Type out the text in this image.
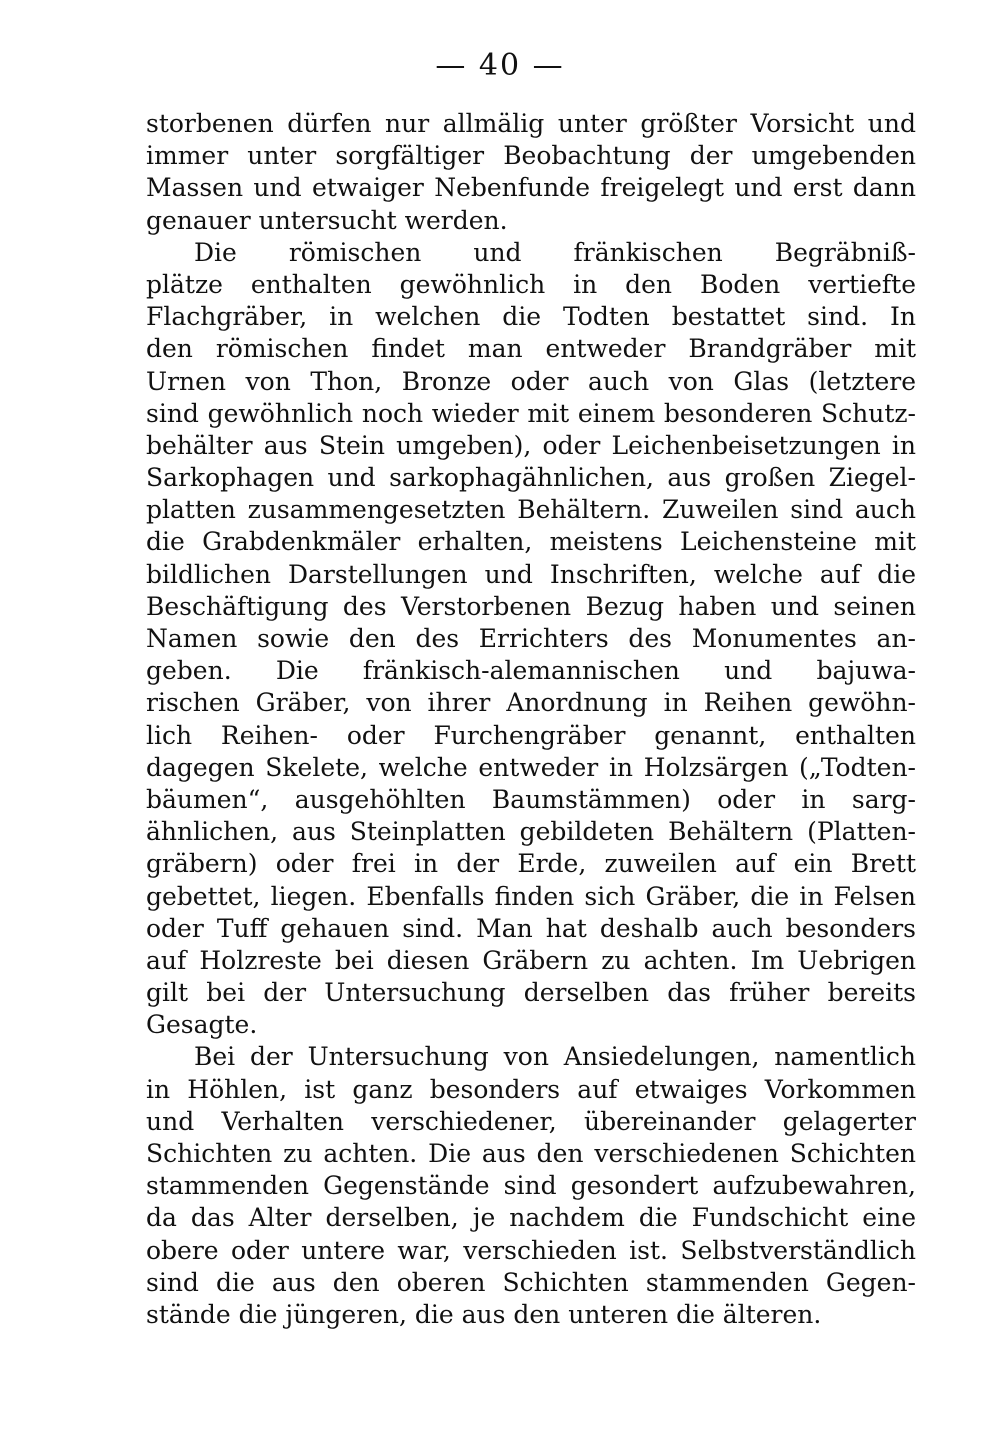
— 40 —
storbenen dürfen nur allmälig unter größter Vorsicht und
immer unter sorgfältiger Beobachtung der umgebenden
Massen und etwaiger Nebenfunde freigelegt und erst dann
genauer untersucht werden.
Die römischen und fränkischen Begräbniß-
plätze enthalten gewöhnlich in den Boden vertiefte
Flachgräber, in welchen die Todten bestattet sind. In
den römischen findet man entweder Brandgräber mit
Urnen von Thon, Bronze oder auch von Glas (letztere
sind gewöhnlich noch wieder mit einem besonderen Schutz-
behälter aus Stein umgeben), oder Leichenbeisetzungen in
Sarkophagen und sarkophagähnlichen, aus großen Ziegel-
platten zusammengesetzten Behältern. Zuweilen sind auch
die Grabdenkmäler erhalten, meistens Leichensteine mit
bildlichen Darstellungen und Inschriften, welche auf die
Beschäftigung des Verstorbenen Bezug haben und seinen
Namen sowie den des Errichters des Monumentes an-
geben. Die fränkisch-alemannischen und bajuwa-
rischen Gräber, von ihrer Anordnung in Reihen gewöhn-
lich Reihen- oder Furchengräber genannt, enthalten
dagegen Skelete, welche entweder in Holzsärgen („Todten-
bäumen“, ausgehöhlten Baumstämmen) oder in sarg-
ähnlichen, aus Steinplatten gebildeten Behältern (Platten-
gräbern) oder frei in der Erde, zuweilen auf ein Brett
gebettet, liegen. Ebenfalls finden sich Gräber, die in Felsen
oder Tuff gehauen sind. Man hat deshalb auch besonders
auf Holzreste bei diesen Gräbern zu achten. Im Uebrigen
gilt bei der Untersuchung derselben das früher bereits
Gesagte.
Bei der Untersuchung von Ansiedelungen, namentlich
in Höhlen, ist ganz besonders auf etwaiges Vorkommen
und Verhalten verschiedener, übereinander gelagerter
Schichten zu achten. Die aus den verschiedenen Schichten
stammenden Gegenstände sind gesondert aufzubewahren,
da das Alter derselben, je nachdem die Fundschicht eine
obere oder untere war, verschieden ist. Selbstverständlich
sind die aus den oberen Schichten stammenden Gegen-
stände die jüngeren, die aus den unteren die älteren.
